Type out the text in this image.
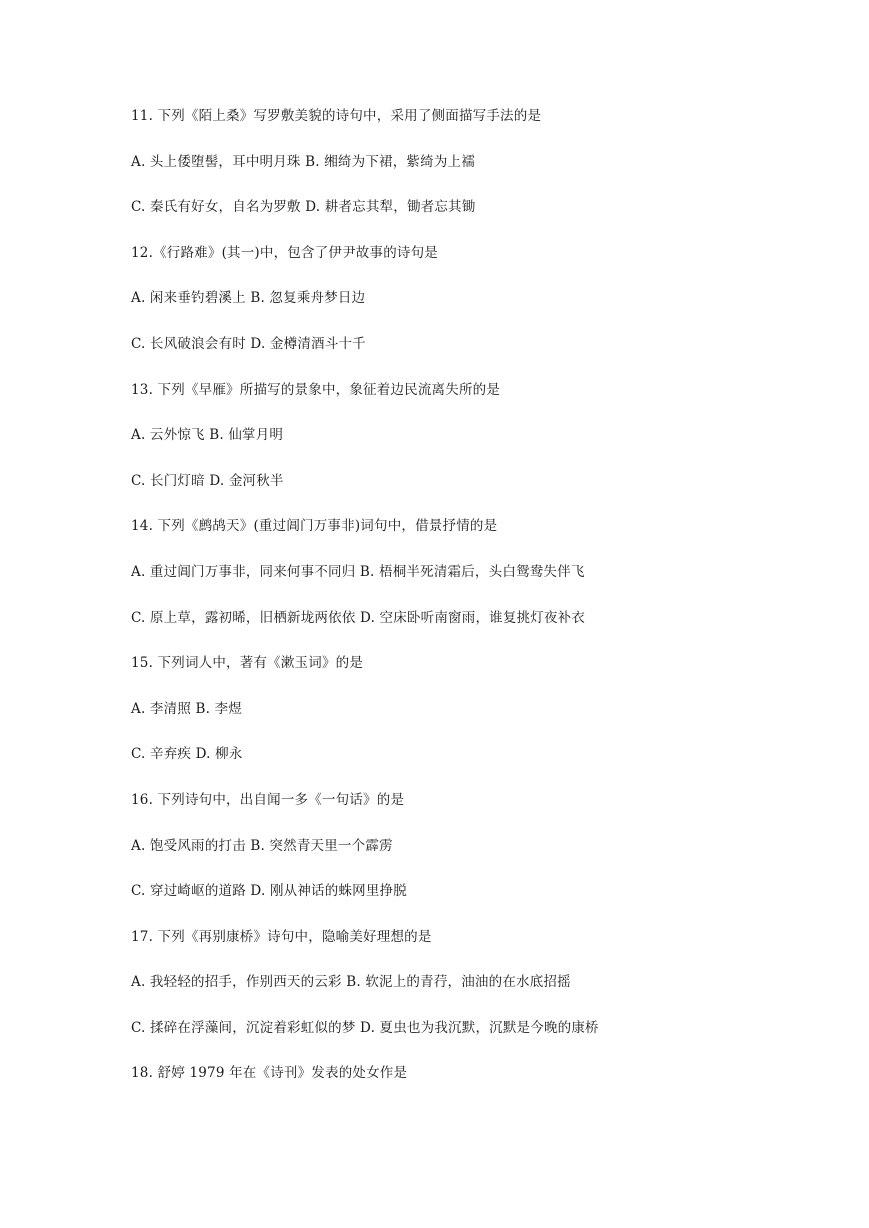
11. 下列《陌上桑》写罗敷美貌的诗句中，采用了侧面描写手法的是
A. 头上倭堕髻，耳中明月珠 B. 缃绮为下裙，紫绮为上襦
C. 秦氏有好女，自名为罗敷 D. 耕者忘其犁，锄者忘其锄
12.《行路难》(其一)中，包含了伊尹故事的诗句是
A. 闲来垂钓碧溪上 B. 忽复乘舟梦日边
C. 长风破浪会有时 D. 金樽清酒斗十千
13. 下列《早雁》所描写的景象中，象征着边民流离失所的是
A. 云外惊飞 B. 仙掌月明
C. 长门灯暗 D. 金河秋半
14. 下列《鹧鸪天》(重过阊门万事非)词句中，借景抒情的是
A. 重过阊门万事非，同来何事不同归 B. 梧桐半死清霜后，头白鸳鸯失伴飞
C. 原上草，露初晞，旧栖新垅两依依 D. 空床卧听南窗雨，谁复挑灯夜补衣
15. 下列词人中，著有《漱玉词》的是
A. 李清照 B. 李煜
C. 辛弃疾 D. 柳永
16. 下列诗句中，出自闻一多《一句话》的是
A. 饱受风雨的打击 B. 突然青天里一个霹雳
C. 穿过崎岖的道路 D. 刚从神话的蛛网里挣脱
17. 下列《再别康桥》诗句中，隐喻美好理想的是
A. 我轻轻的招手，作别西天的云彩 B. 软泥上的青荇，油油的在水底招摇
C. 揉碎在浮藻间，沉淀着彩虹似的梦 D. 夏虫也为我沉默，沉默是今晚的康桥
18. 舒婷 1979 年在《诗刊》发表的处女作是
